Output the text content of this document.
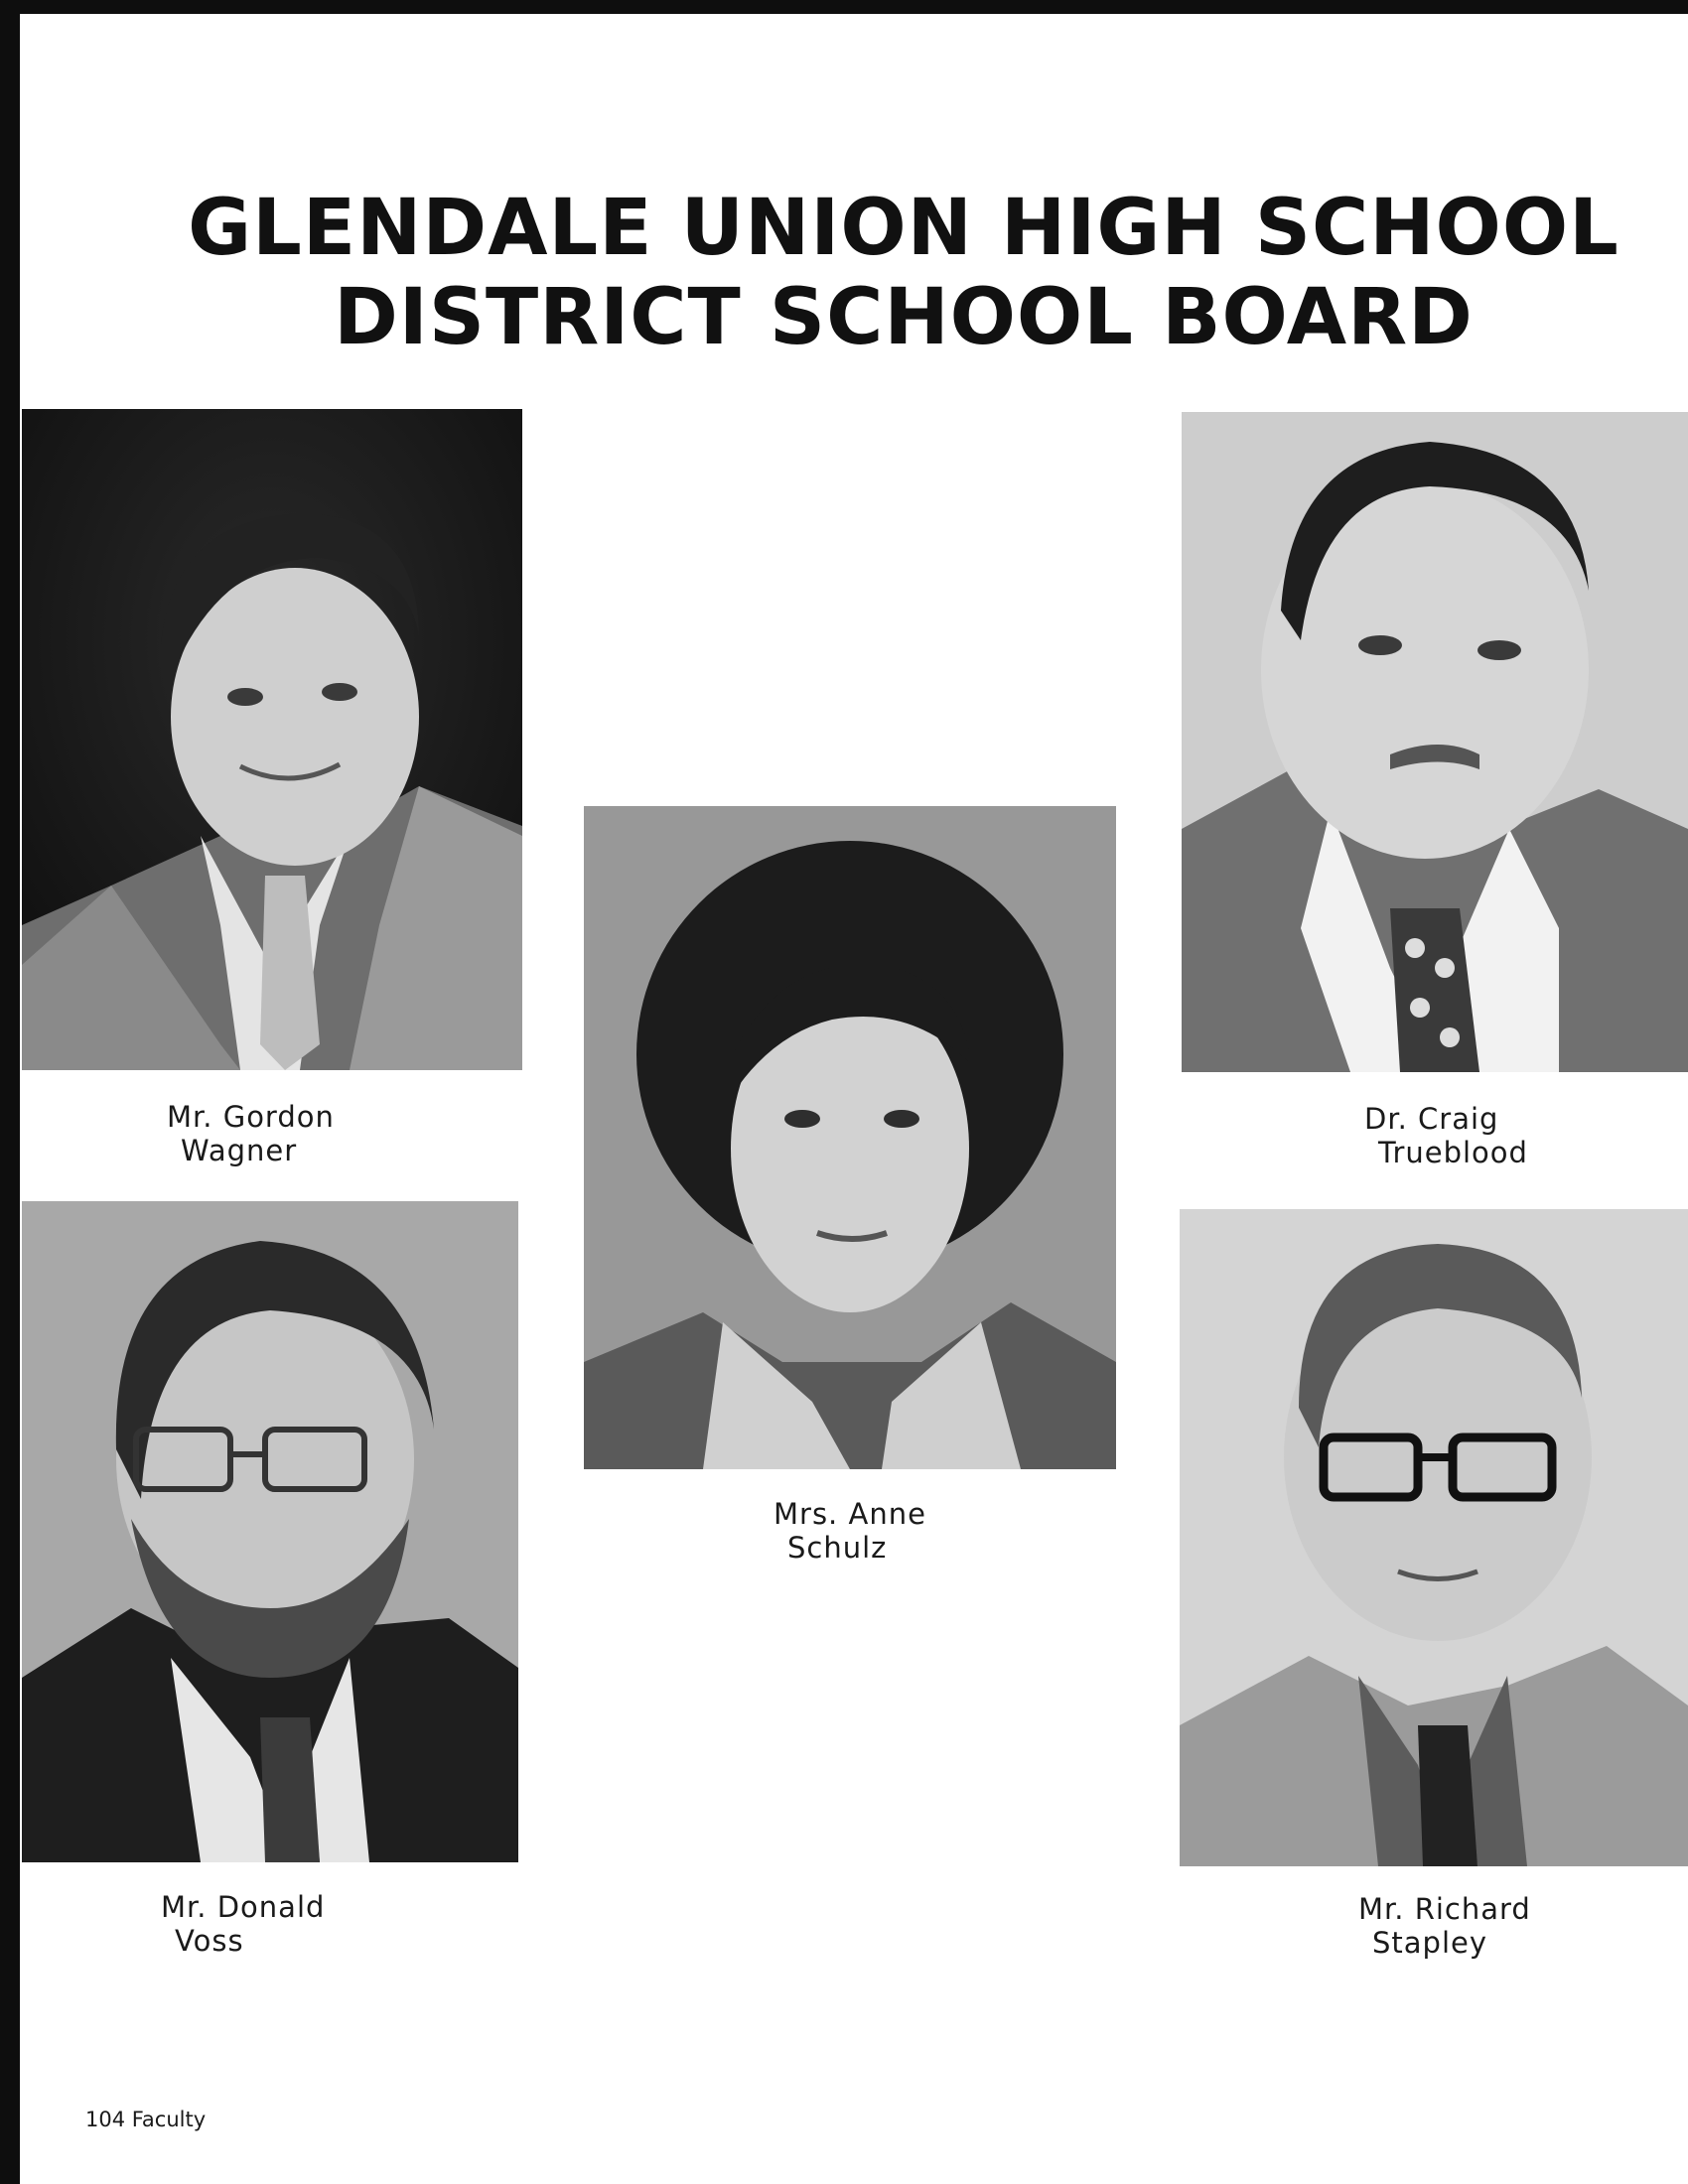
GLENDALE UNION HIGH SCHOOL
DISTRICT SCHOOL BOARD
Mr. Gordon
Wagner
Dr. Craig
Trueblood
Mrs. Anne
Schulz
Mr. Donald
Voss
Mr. Richard
Stapley
104 Faculty
